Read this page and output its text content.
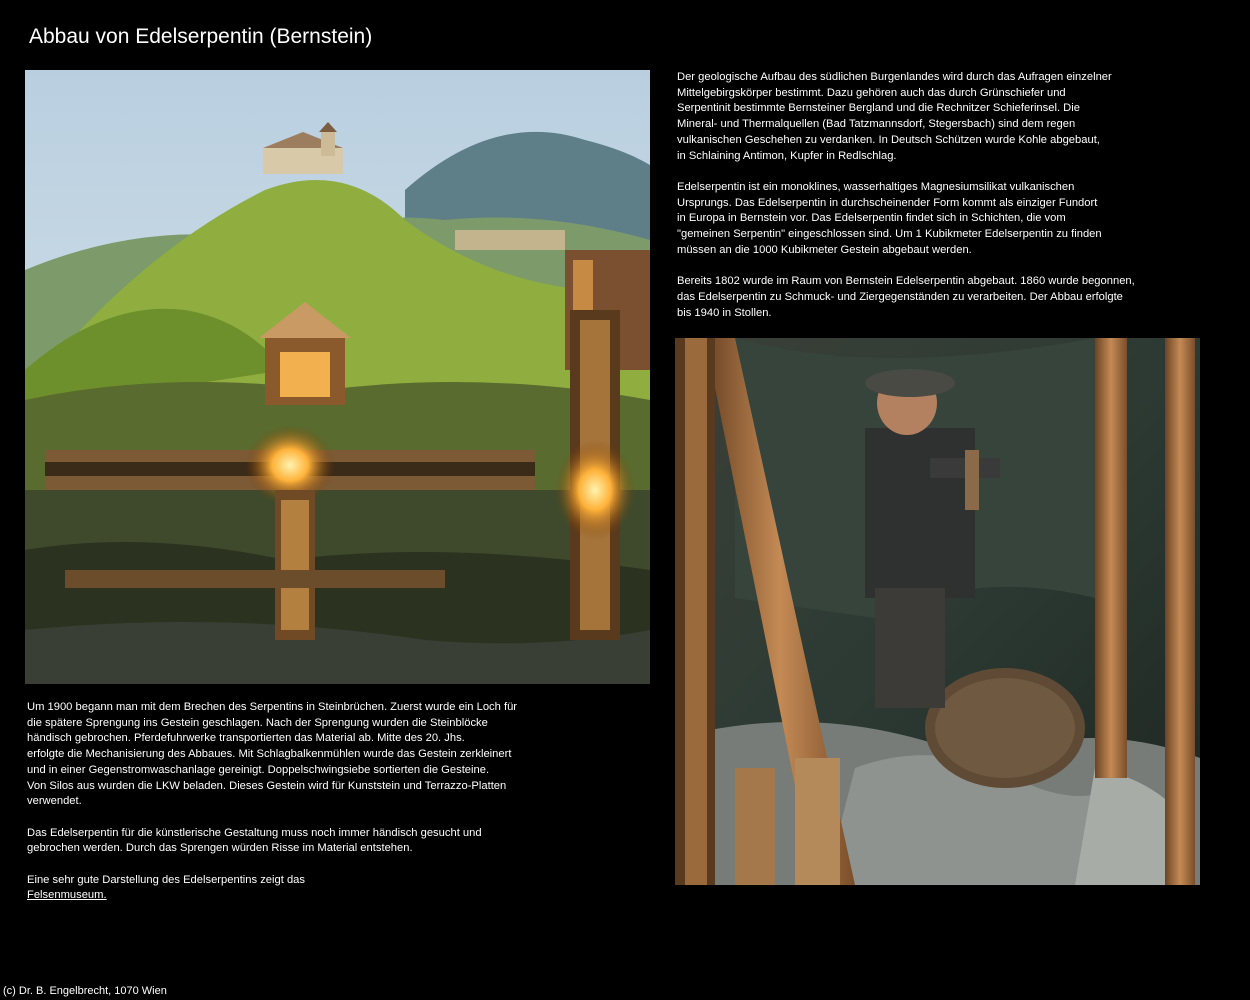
Abbau von Edelserpentin (Bernstein)

Der geologische Aufbau des südlichen Burgenlandes wird durch das Aufragen einzelner
Mittelgebirgskörper bestimmt. Dazu gehören auch das durch Grünschiefer und
Serpentinit bestimmte Bernsteiner Bergland und die Rechnitzer Schieferinsel. Die
Mineral- und Thermalquellen (Bad Tatzmannsdorf, Stegersbach) sind dem regen
vulkanischen Geschehen zu verdanken. In Deutsch Schützen wurde Kohle abgebaut,
in Schlaining Antimon, Kupfer in Redlschlag.

Edelserpentin ist ein monoklines, wasserhaltiges Magnesiumsilikat vulkanischen
Ursprungs. Das Edelserpentin in durchscheinender Form kommt als einziger Fundort
in Europa in Bernstein vor. Das Edelserpentin findet sich in Schichten, die vom
"gemeinen Serpentin" eingeschlossen sind. Um 1 Kubikmeter Edelserpentin zu finden
müssen an die 1000 Kubikmeter Gestein abgebaut werden.

Bereits 1802 wurde im Raum von Bernstein Edelserpentin abgebaut. 1860 wurde begonnen,
das Edelserpentin zu Schmuck- und Ziergegenständen zu verarbeiten. Der Abbau erfolgte
bis 1940 in Stollen.

Um 1900 begann man mit dem Brechen des Serpentins in Steinbrüchen. Zuerst wurde ein Loch für
die spätere Sprengung ins Gestein geschlagen. Nach der Sprengung wurden die Steinblöcke
händisch gebrochen. Pferdefuhrwerke transportierten das Material ab. Mitte des 20. Jhs.
erfolgte die Mechanisierung des Abbaues. Mit Schlagbalkenmühlen wurde das Gestein zerkleinert
und in einer Gegenstromwaschanlage gereinigt. Doppelschwingsiebe sortierten die Gesteine.
Von Silos aus wurden die LKW beladen. Dieses Gestein wird für Kunststein und Terrazzo-Platten
verwendet.

Das Edelserpentin für die künstlerische Gestaltung muss noch immer händisch gesucht und
gebrochen werden. Durch das Sprengen würden Risse im Material entstehen.

Eine sehr gute Darstellung des Edelserpentins zeigt das
Felsenmuseum.

(c) Dr. B. Engelbrecht, 1070 Wien
